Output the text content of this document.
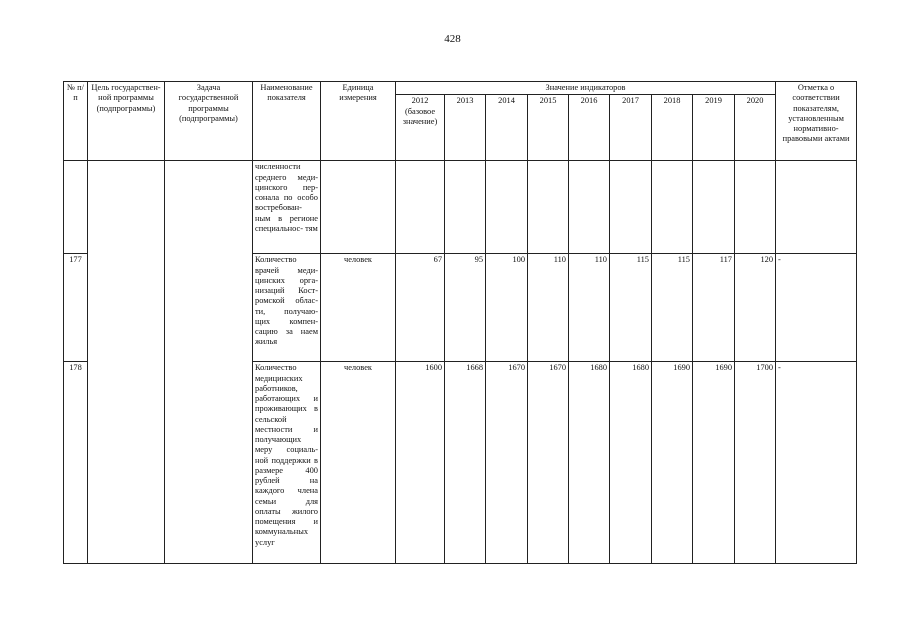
428
№ п/п	Цель государствен- ной программы (подпрограммы)	Задача государственной программы (подпрограммы)	Наименование показателя	Единица измерения	Значение индикаторов									Отметка о соответствии показателям, установленным нормативно- правовыми актами
					2012 (базовое значение)	2013	2014	2015	2016	2017	2018	2019	2020	
			численности среднего меди- цинского пер- сонала по особо востребован- ным в регионе специальнос- тям											
177			Количество врачей меди- цинских орга- низаций Кост- ромской облас- ти, получаю- щих компен- сацию за наем жилья	человек	67	95	100	110	110	115	115	117	120	-
178			Количество медицинских работников, работающих и проживающих в сельской местности и получающих меру социаль- ной поддержки в размере 400 рублей на каждого члена семьи для оплаты жилого помещения и коммунальных услуг	человек	1600	1668	1670	1670	1680	1680	1690	1690	1700	-
